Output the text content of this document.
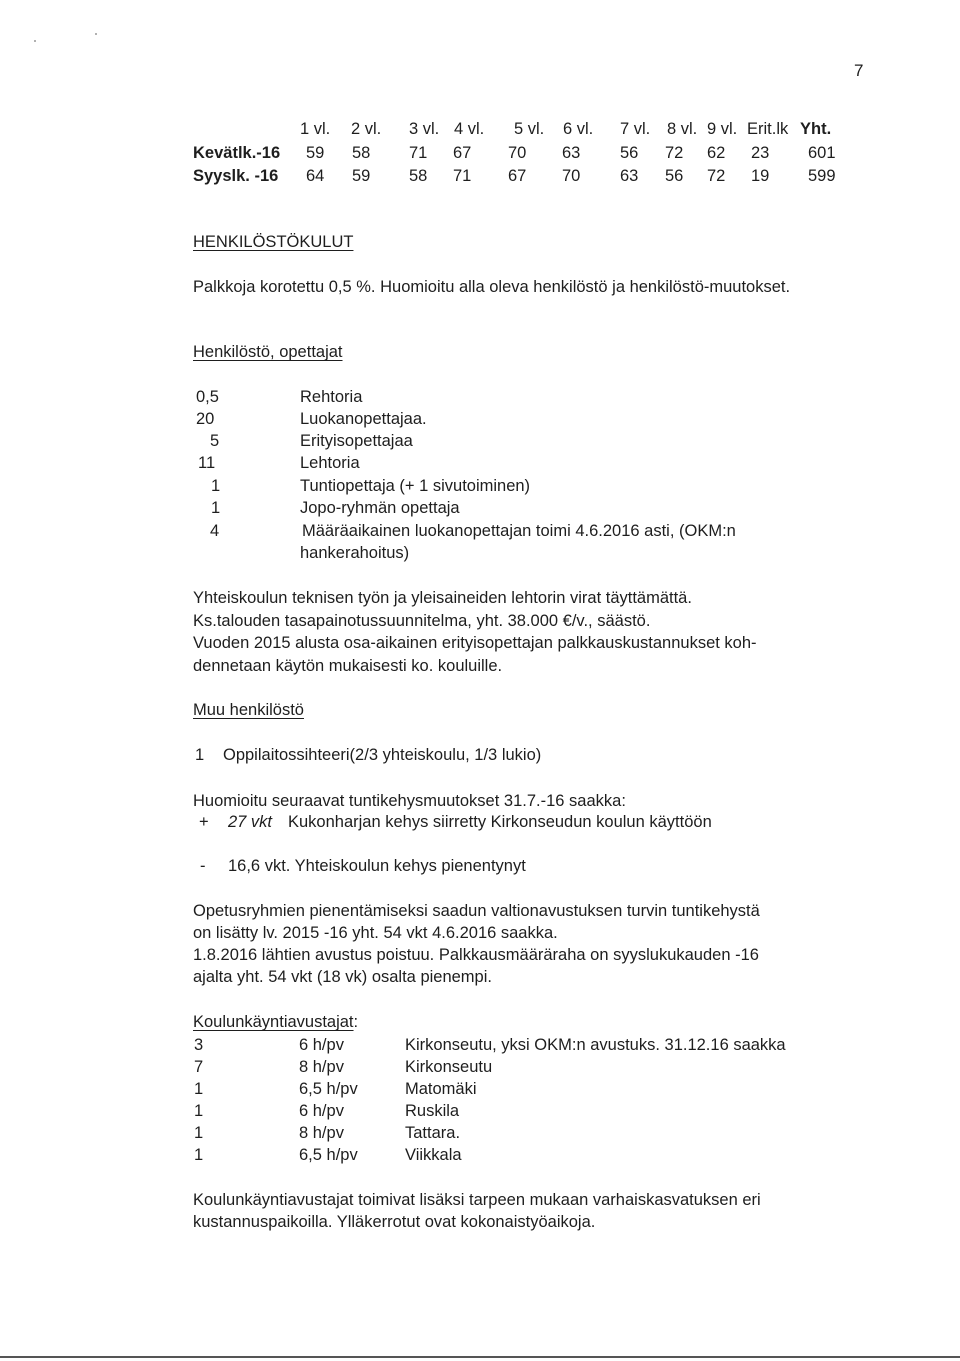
7
1 vl. 2 vl. 3 vl. 4 vl. 5 vl. 6 vl. 7 vl. 8 vl. 9 vl. Erit.lk Yht.
Kevätlk.-16 59 58 71 67 70 63 56 72 62 23 601
Syyslk. -16 64 59 58 71 67 70 63 56 72 19 599
HENKILÖSTÖKULUT
Palkkoja korotettu 0,5 %. Huomioitu alla oleva henkilöstö ja henkilöstö-muutokset.
Henkilöstö, opettajat
0,5	Rehtoria
20	Luokanopettajaa.
5	Erityisopettajaa
11	Lehtoria
1	Tuntiopettaja (+ 1 sivutoiminen)
1	Jopo-ryhmän opettaja
4	Määräaikainen luokanopettajan toimi 4.6.2016 asti, (OKM:n
hankerahoitus)
Yhteiskoulun teknisen työn ja yleisaineiden lehtorin virat täyttämättä.
Ks.talouden tasapainotussuunnitelma, yht. 38.000 €/v., säästö.
Vuoden 2015 alusta osa-aikainen erityisopettajan palkkauskustannukset koh-
dennetaan käytön mukaisesti ko. kouluille.
Muu henkilöstö
1 Oppilaitossihteeri(2/3 yhteiskoulu, 1/3 lukio)
Huomioitu seuraavat tuntikehysmuutokset 31.7.-16 saakka:
+ 27 vkt Kukonharjan kehys siirretty Kirkonseudun koulun käyttöön
- 16,6 vkt. Yhteiskoulun kehys pienentynyt
Opetusryhmien pienentämiseksi saadun valtionavustuksen turvin tuntikehystä
on lisätty lv. 2015 -16 yht. 54 vkt 4.6.2016 saakka.
1.8.2016 lähtien avustus poistuu. Palkkausmääräraha on syyslukukauden -16
ajalta yht. 54 vkt (18 vk) osalta pienempi.
Koulunkäyntiavustajat:
3	6 h/pv	Kirkonseutu, yksi OKM:n avustuks. 31.12.16 saakka
7	8 h/pv	Kirkonseutu
1	6,5 h/pv	Matomäki
1	6 h/pv	Ruskila
1	8 h/pv	Tattara.
1	6,5 h/pv	Viikkala
Koulunkäyntiavustajat toimivat lisäksi tarpeen mukaan varhaiskasvatuksen eri
kustannuspaikoilla. Ylläkerrotut ovat kokonaistyöaikoja.
